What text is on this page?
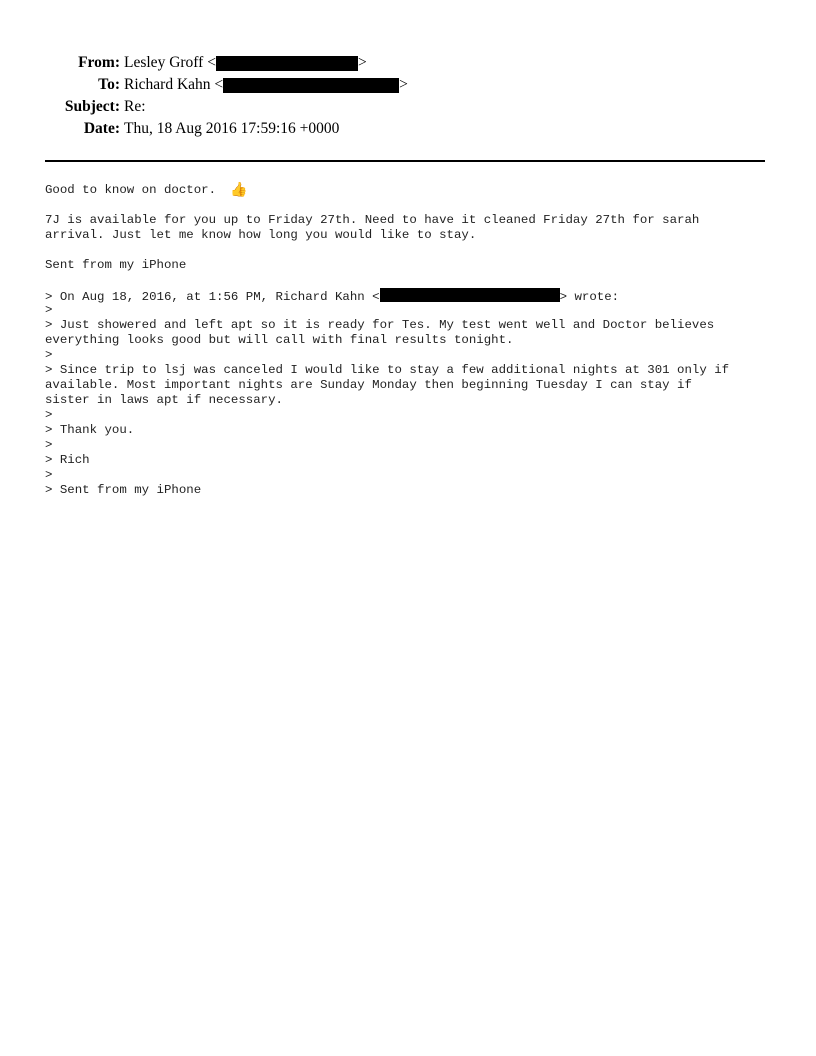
From: Lesley Groff <	>
To: Richard Kahn <	>
Subject: Re:
Date: Thu, 18 Aug 2016 17:59:16 +0000
Good to know on doctor. 👍
7J is available for you up to Friday 27th. Need to have it cleaned Friday 27th for sarah
arrival. Just let me know how long you would like to stay.
Sent from my iPhone
> On Aug 18, 2016, at 1:56 PM, Richard Kahn <	> wrote:
>
> Just showered and left apt so it is ready for Tes. My test went well and Doctor believes
everything looks good but will call with final results tonight.
>
> Since trip to lsj was canceled I would like to stay a few additional nights at 301 only if
available. Most important nights are Sunday Monday then beginning Tuesday I can stay if
sister in laws apt if necessary.
>
> Thank you.
>
> Rich
>
> Sent from my iPhone
